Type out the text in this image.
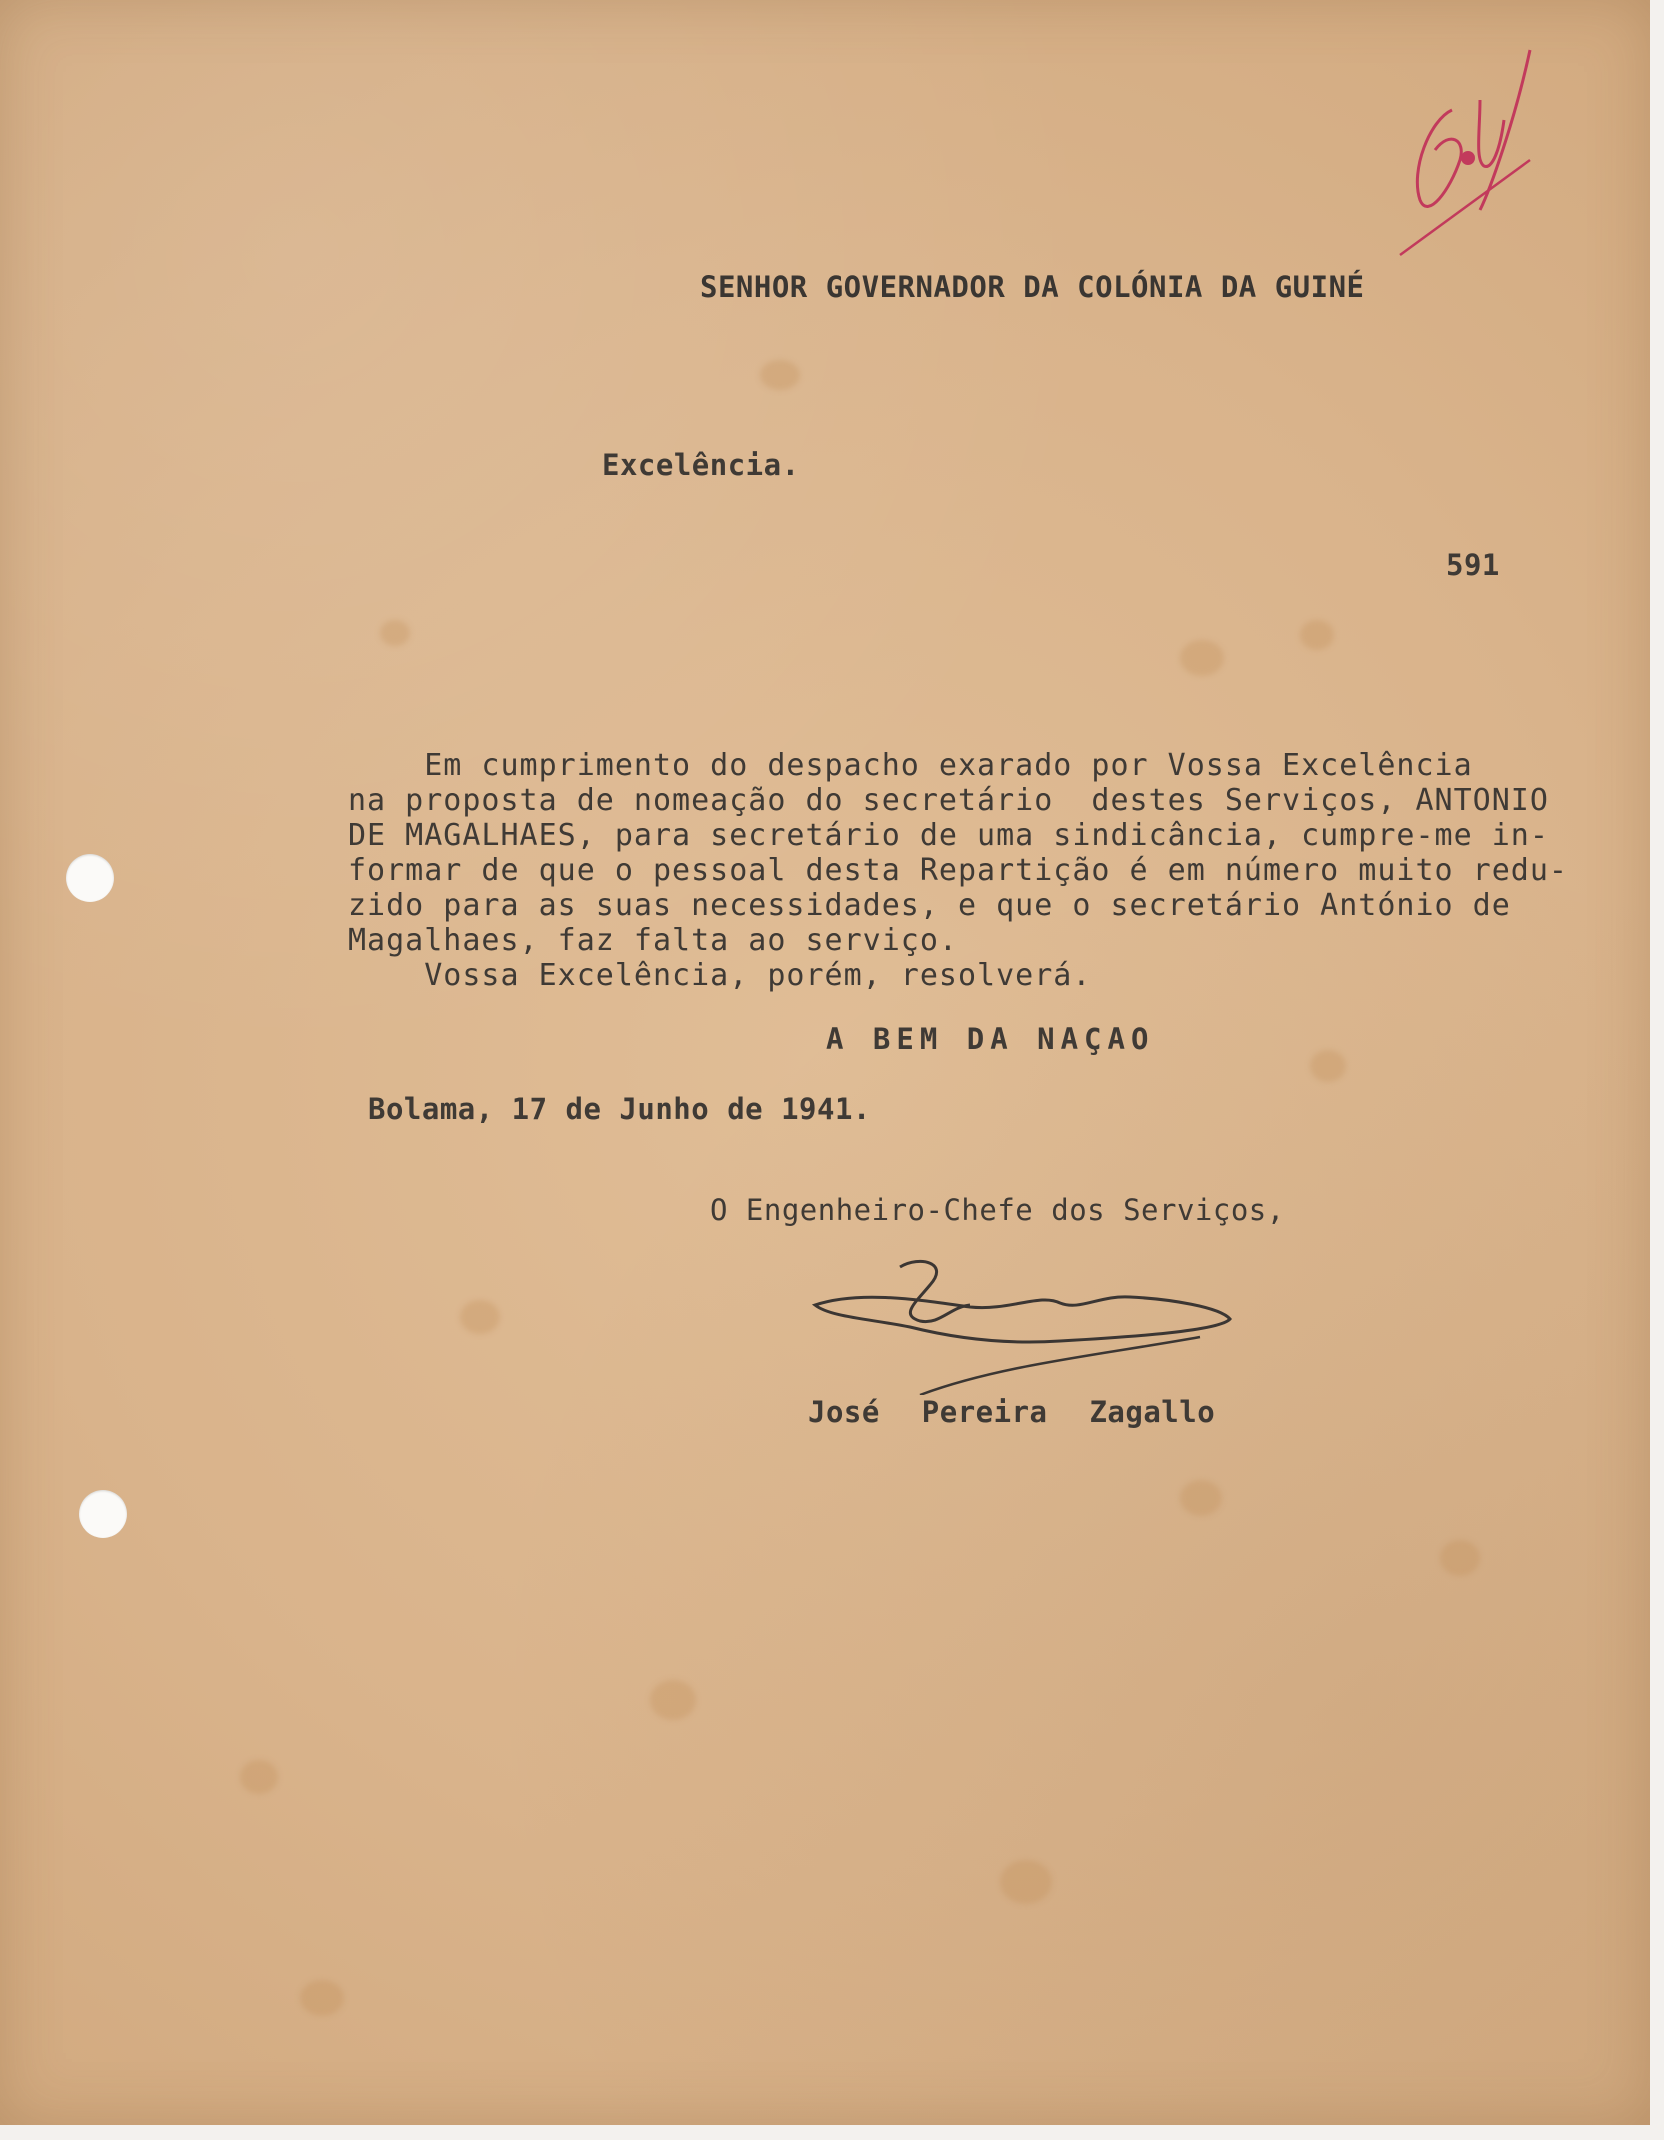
SENHOR GOVERNADOR DA COLÓNIA DA GUINÉ
Excelência.
591
Em cumprimento do despacho exarado por Vossa Excelência
na proposta de nomeação do secretário  destes Serviços, ANTONIO
DE MAGALHAES, para secretário de uma sindicância, cumpre-me in-
formar de que o pessoal desta Repartição é em número muito redu-
zido para as suas necessidades, e que o secretário António de
Magalhaes, faz falta ao serviço.
Vossa Excelência, porém, resolverá.
A BEM DA NAÇAO
Bolama, 17 de Junho de 1941.
O Engenheiro-Chefe dos Serviços,
José Pereira Zagallo
